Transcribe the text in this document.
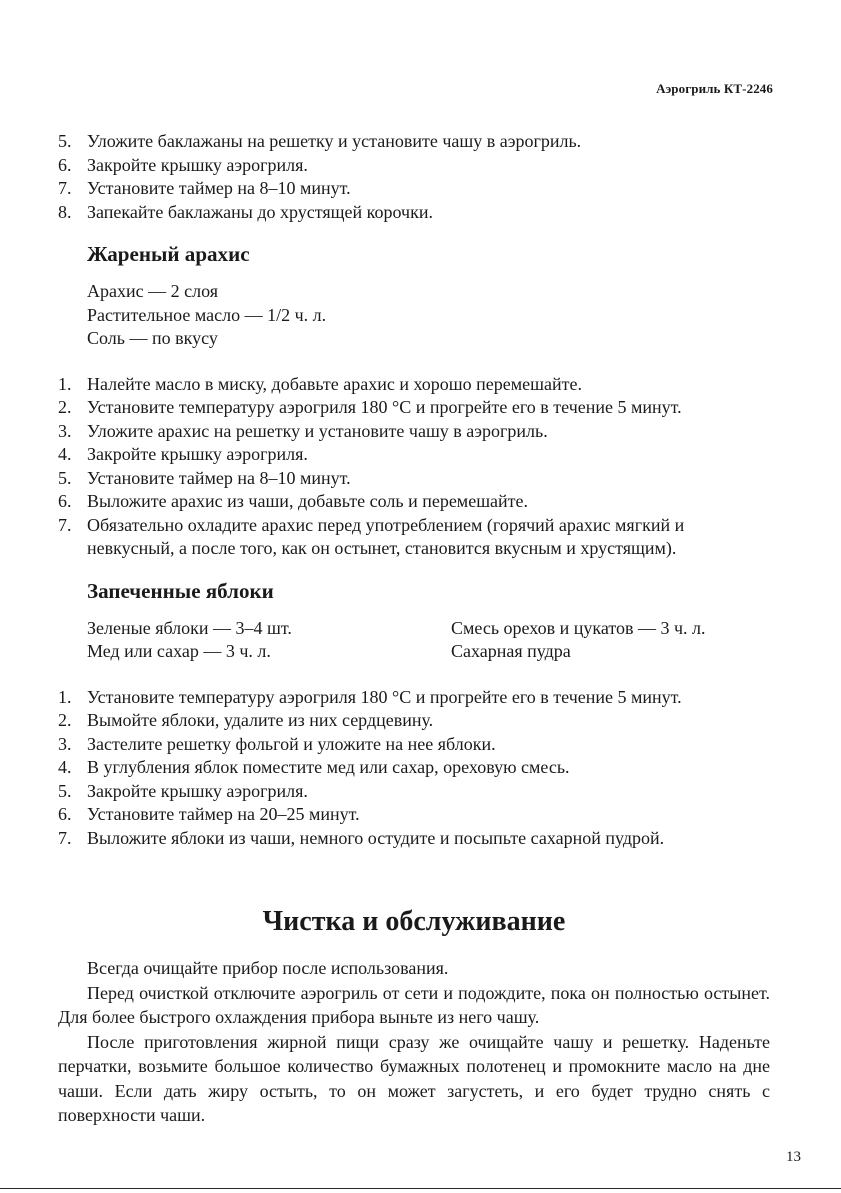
Аэрогриль КТ-2246
5. Уложите баклажаны на решетку и установите чашу в аэрогриль.
6. Закройте крышку аэрогриля.
7. Установите таймер на 8–10 минут.
8. Запекайте баклажаны до хрустящей корочки.
Жареный арахис
Арахис — 2 слоя
Растительное масло — 1/2 ч. л.
Соль — по вкусу
1. Налейте масло в миску, добавьте арахис и хорошо перемешайте.
2. Установите температуру аэрогриля 180 °С и прогрейте его в течение 5 минут.
3. Уложите арахис на решетку и установите чашу в аэрогриль.
4. Закройте крышку аэрогриля.
5. Установите таймер на 8–10 минут.
6. Выложите арахис из чаши, добавьте соль и перемешайте.
7. Обязательно охладите арахис перед употреблением (горячий арахис мягкий и невкусный, а после того, как он остынет, становится вкусным и хрустящим).
Запеченные яблоки
Зеленые яблоки — 3–4 шт.	Смесь орехов и цукатов — 3 ч. л.
Мед или сахар — 3 ч. л.	Сахарная пудра
1. Установите температуру аэрогриля 180 °С и прогрейте его в течение 5 минут.
2. Вымойте яблоки, удалите из них сердцевину.
3. Застелите решетку фольгой и уложите на нее яблоки.
4. В углубления яблок поместите мед или сахар, ореховую смесь.
5. Закройте крышку аэрогриля.
6. Установите таймер на 20–25 минут.
7. Выложите яблоки из чаши, немного остудите и посыпьте сахарной пудрой.
Чистка и обслуживание

Всегда очищайте прибор после использования.

Перед очисткой отключите аэрогриль от сети и подождите, пока он полностью остынет. Для более быстрого охлаждения прибора выньте из него чашу.

После приготовления жирной пищи сразу же очищайте чашу и решетку. Наденьте перчатки, возьмите большое количество бумажных полотенец и промокните масло на дне чаши. Если дать жиру остыть, то он может загустеть, и его будет трудно снять с поверхности чаши.

13
